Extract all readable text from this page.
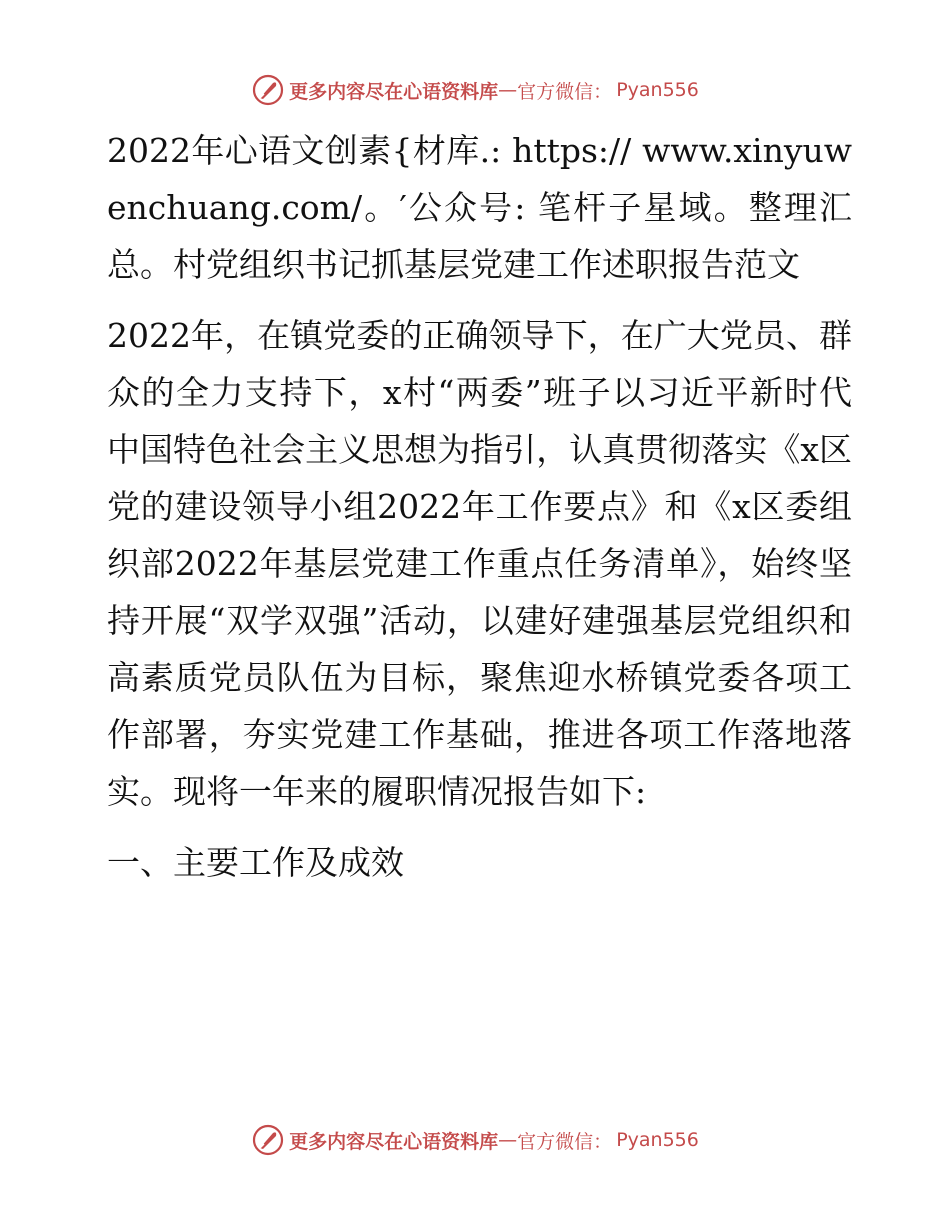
更多内容尽在心语资料库 — 官方微信： Pyan556

2022年心语文创素{材库.: https:// www.xinyuwenchuang.com/。′公众号: 笔杆子星域。整理汇总。村党组织书记抓基层党建工作述职报告范文

2022年，在镇党委的正确领导下，在广大党员、群众的全力支持下，x村“两委”班子以习近平新时代中国特色社会主义思想为指引，认真贯彻落实《x区党的建设领导小组2022年工作要点》和《x区委组织部2022年基层党建工作重点任务清单》，始终坚持开展“双学双强”活动，以建好建强基层党组织和高素质党员队伍为目标，聚焦迎水桥镇党委各项工作部署，夯实党建工作基础，推进各项工作落地落实。现将一年来的履职情况报告如下:

一、主要工作及成效

更多内容尽在心语资料库 — 官方微信： Pyan556
